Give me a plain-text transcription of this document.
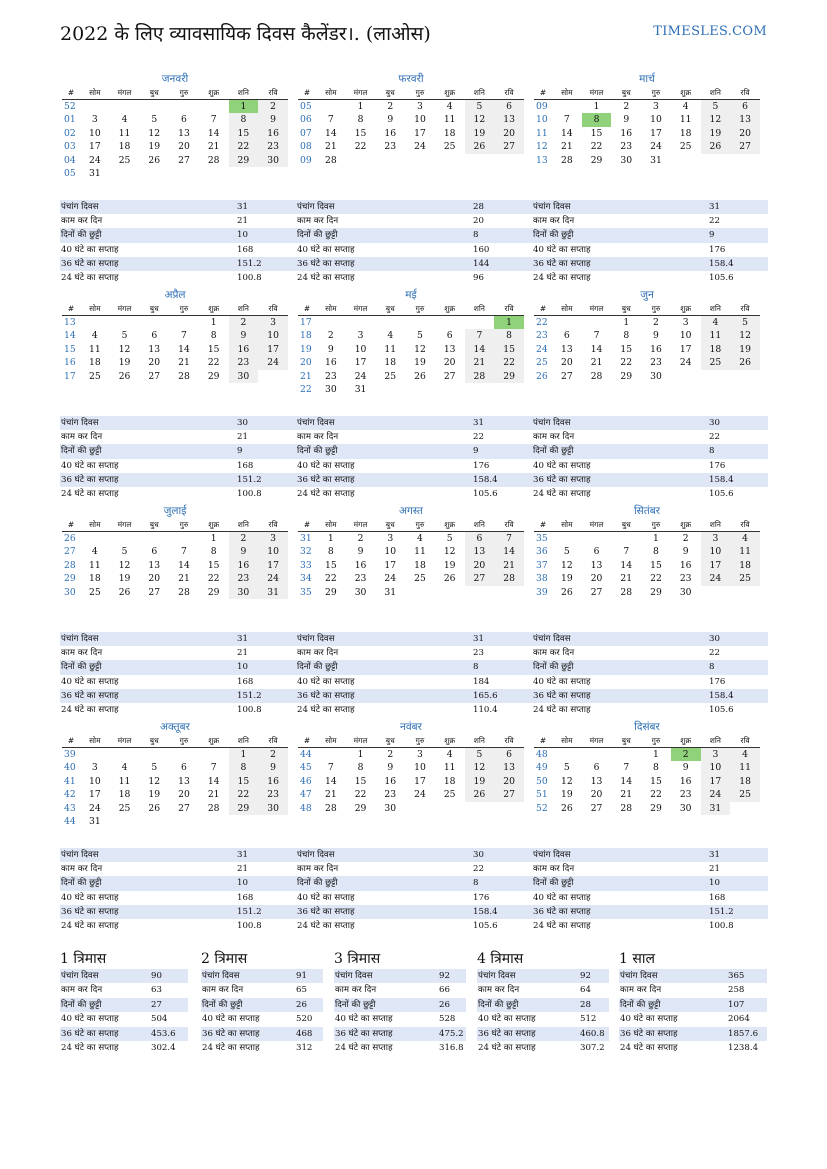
2022 के लिए व्यावसायिक दिवस कैलेंडर।. (लाओस)	TIMESLES.COM
जनवरी
#	सोम	मंगल	बुध	गुरु	शुक्र	शनि	रवि
52						1	2
01	3	4	5	6	7	8	9
02	10	11	12	13	14	15	16
03	17	18	19	20	21	22	23
04	24	25	26	27	28	29	30
05	31						
पंचांग दिवस	31
काम कर दिन	21
दिनों की छुट्टी	10
40 घंटे का सप्ताह	168
36 घंटे का सप्ताह	151.2
24 घंटे का सप्ताह	100.8
फरवरी
#	सोम	मंगल	बुध	गुरु	शुक्र	शनि	रवि
05		1	2	3	4	5	6
06	7	8	9	10	11	12	13
07	14	15	16	17	18	19	20
08	21	22	23	24	25	26	27
09	28						
पंचांग दिवस	28
काम कर दिन	20
दिनों की छुट्टी	8
40 घंटे का सप्ताह	160
36 घंटे का सप्ताह	144
24 घंटे का सप्ताह	96
मार्च
#	सोम	मंगल	बुध	गुरु	शुक्र	शनि	रवि
09		1	2	3	4	5	6
10	7	8	9	10	11	12	13
11	14	15	16	17	18	19	20
12	21	22	23	24	25	26	27
13	28	29	30	31			
पंचांग दिवस	31
काम कर दिन	22
दिनों की छुट्टी	9
40 घंटे का सप्ताह	176
36 घंटे का सप्ताह	158.4
24 घंटे का सप्ताह	105.6
अप्रैल
#	सोम	मंगल	बुध	गुरु	शुक्र	शनि	रवि
13					1	2	3
14	4	5	6	7	8	9	10
15	11	12	13	14	15	16	17
16	18	19	20	21	22	23	24
17	25	26	27	28	29	30	
पंचांग दिवस	30
काम कर दिन	21
दिनों की छुट्टी	9
40 घंटे का सप्ताह	168
36 घंटे का सप्ताह	151.2
24 घंटे का सप्ताह	100.8
मई
#	सोम	मंगल	बुध	गुरु	शुक्र	शनि	रवि
17							1
18	2	3	4	5	6	7	8
19	9	10	11	12	13	14	15
20	16	17	18	19	20	21	22
21	23	24	25	26	27	28	29
22	30	31					
पंचांग दिवस	31
काम कर दिन	22
दिनों की छुट्टी	9
40 घंटे का सप्ताह	176
36 घंटे का सप्ताह	158.4
24 घंटे का सप्ताह	105.6
जुन
#	सोम	मंगल	बुध	गुरु	शुक्र	शनि	रवि
22			1	2	3	4	5
23	6	7	8	9	10	11	12
24	13	14	15	16	17	18	19
25	20	21	22	23	24	25	26
26	27	28	29	30			
पंचांग दिवस	30
काम कर दिन	22
दिनों की छुट्टी	8
40 घंटे का सप्ताह	176
36 घंटे का सप्ताह	158.4
24 घंटे का सप्ताह	105.6
जुलाई
#	सोम	मंगल	बुध	गुरु	शुक्र	शनि	रवि
26					1	2	3
27	4	5	6	7	8	9	10
28	11	12	13	14	15	16	17
29	18	19	20	21	22	23	24
30	25	26	27	28	29	30	31
पंचांग दिवस	31
काम कर दिन	21
दिनों की छुट्टी	10
40 घंटे का सप्ताह	168
36 घंटे का सप्ताह	151.2
24 घंटे का सप्ताह	100.8
अगस्त
#	सोम	मंगल	बुध	गुरु	शुक्र	शनि	रवि
31	1	2	3	4	5	6	7
32	8	9	10	11	12	13	14
33	15	16	17	18	19	20	21
34	22	23	24	25	26	27	28
35	29	30	31				
पंचांग दिवस	31
काम कर दिन	23
दिनों की छुट्टी	8
40 घंटे का सप्ताह	184
36 घंटे का सप्ताह	165.6
24 घंटे का सप्ताह	110.4
सितंबर
#	सोम	मंगल	बुध	गुरु	शुक्र	शनि	रवि
35				1	2	3	4
36	5	6	7	8	9	10	11
37	12	13	14	15	16	17	18
38	19	20	21	22	23	24	25
39	26	27	28	29	30		
पंचांग दिवस	30
काम कर दिन	22
दिनों की छुट्टी	8
40 घंटे का सप्ताह	176
36 घंटे का सप्ताह	158.4
24 घंटे का सप्ताह	105.6
अक्तूबर
#	सोम	मंगल	बुध	गुरु	शुक्र	शनि	रवि
39						1	2
40	3	4	5	6	7	8	9
41	10	11	12	13	14	15	16
42	17	18	19	20	21	22	23
43	24	25	26	27	28	29	30
44	31						
पंचांग दिवस	31
काम कर दिन	21
दिनों की छुट्टी	10
40 घंटे का सप्ताह	168
36 घंटे का सप्ताह	151.2
24 घंटे का सप्ताह	100.8
नवंबर
#	सोम	मंगल	बुध	गुरु	शुक्र	शनि	रवि
44		1	2	3	4	5	6
45	7	8	9	10	11	12	13
46	14	15	16	17	18	19	20
47	21	22	23	24	25	26	27
48	28	29	30				
पंचांग दिवस	30
काम कर दिन	22
दिनों की छुट्टी	8
40 घंटे का सप्ताह	176
36 घंटे का सप्ताह	158.4
24 घंटे का सप्ताह	105.6
दिसंबर
#	सोम	मंगल	बुध	गुरु	शुक्र	शनि	रवि
48				1	2	3	4
49	5	6	7	8	9	10	11
50	12	13	14	15	16	17	18
51	19	20	21	22	23	24	25
52	26	27	28	29	30	31	
पंचांग दिवस	31
काम कर दिन	21
दिनों की छुट्टी	10
40 घंटे का सप्ताह	168
36 घंटे का सप्ताह	151.2
24 घंटे का सप्ताह	100.8
1 त्रिमास
पंचांग दिवस	90
काम कर दिन	63
दिनों की छुट्टी	27
40 घंटे का सप्ताह	504
36 घंटे का सप्ताह	453.6
24 घंटे का सप्ताह	302.4
2 त्रिमास
पंचांग दिवस	91
काम कर दिन	65
दिनों की छुट्टी	26
40 घंटे का सप्ताह	520
36 घंटे का सप्ताह	468
24 घंटे का सप्ताह	312
3 त्रिमास
पंचांग दिवस	92
काम कर दिन	66
दिनों की छुट्टी	26
40 घंटे का सप्ताह	528
36 घंटे का सप्ताह	475.2
24 घंटे का सप्ताह	316.8
4 त्रिमास
पंचांग दिवस	92
काम कर दिन	64
दिनों की छुट्टी	28
40 घंटे का सप्ताह	512
36 घंटे का सप्ताह	460.8
24 घंटे का सप्ताह	307.2
1 साल
पंचांग दिवस	365
काम कर दिन	258
दिनों की छुट्टी	107
40 घंटे का सप्ताह	2064
36 घंटे का सप्ताह	1857.6
24 घंटे का सप्ताह	1238.4
